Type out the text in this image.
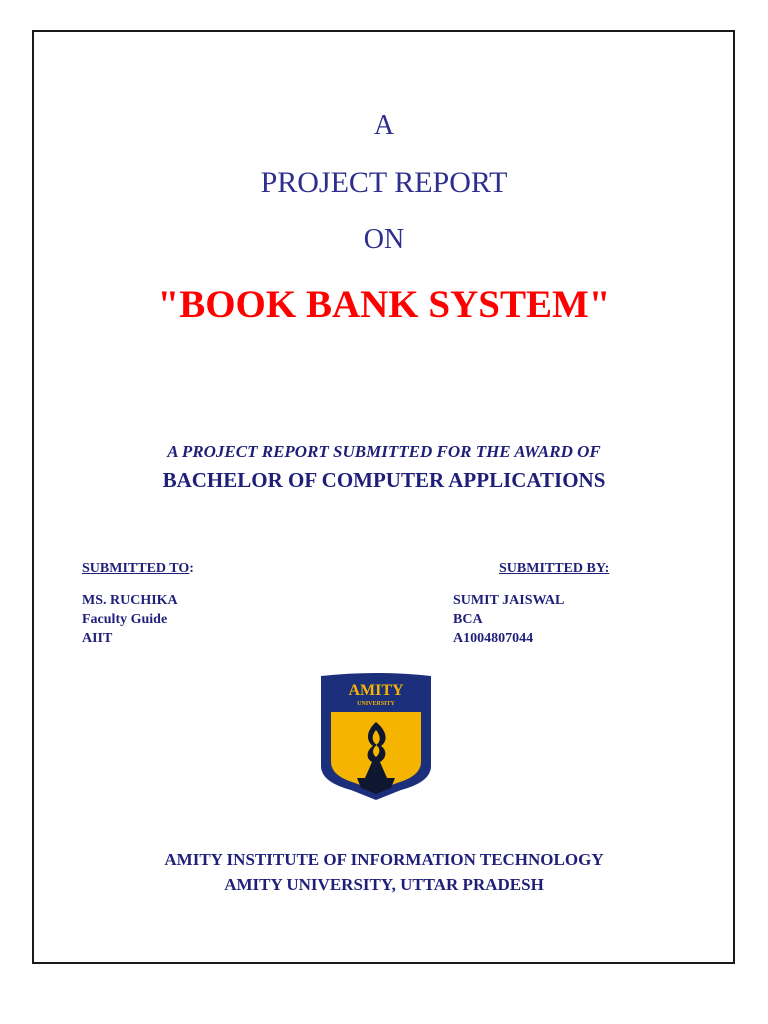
A
PROJECT REPORT
ON
"BOOK BANK SYSTEM"
A PROJECT REPORT SUBMITTED FOR THE AWARD OF
BACHELOR OF COMPUTER APPLICATIONS
SUBMITTED TO:
MS. RUCHIKA
Faculty Guide
AIIT
SUBMITTED BY:
SUMIT JAISWAL
BCA
A1004807044
AMITY
UNIVERSITY
AMITY INSTITUTE OF INFORMATION TECHNOLOGY
AMITY UNIVERSITY, UTTAR PRADESH
